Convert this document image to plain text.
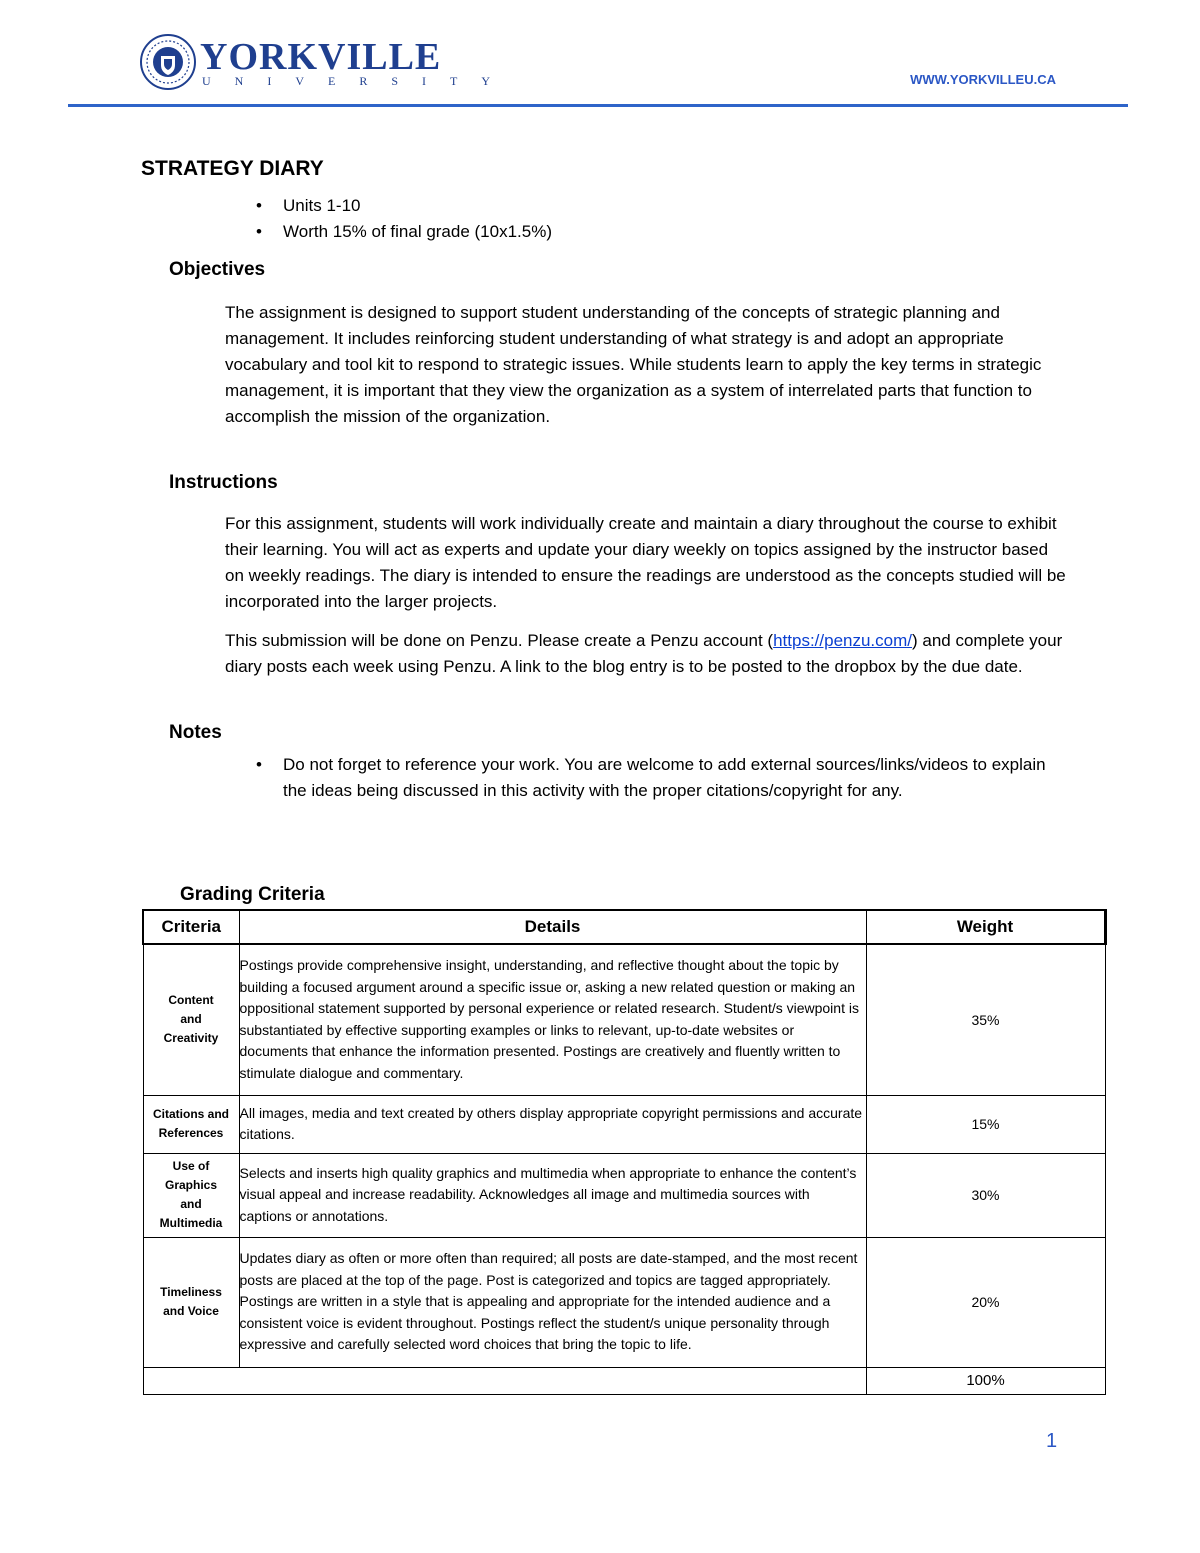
YORKVILLE
UNIVERSITY	WWW.YORKVILLEU.CA
STRATEGY DIARY
• Units 1-10
• Worth 15% of final grade (10x1.5%)
Objectives
The assignment is designed to support student understanding of the concepts of strategic planning and management. It includes reinforcing student understanding of what strategy is and adopt an appropriate vocabulary and tool kit to respond to strategic issues. While students learn to apply the key terms in strategic management, it is important that they view the organization as a system of interrelated parts that function to accomplish the mission of the organization.
Instructions
For this assignment, students will work individually create and maintain a diary throughout the course to exhibit their learning. You will act as experts and update your diary weekly on topics assigned by the instructor based on weekly readings. The diary is intended to ensure the readings are understood as the concepts studied will be incorporated into the larger projects.
This submission will be done on Penzu. Please create a Penzu account (https://penzu.com/) and complete your diary posts each week using Penzu. A link to the blog entry is to be posted to the dropbox by the due date.
Notes
• Do not forget to reference your work. You are welcome to add external sources/links/videos to explain the ideas being discussed in this activity with the proper citations/copyright for any.
Grading Criteria
Criteria	Details	Weight
Content and Creativity	Postings provide comprehensive insight, understanding, and reflective thought about the topic by building a focused argument around a specific issue or, asking a new related question or making an oppositional statement supported by personal experience or related research. Student/s viewpoint is substantiated by effective supporting examples or links to relevant, up-to-date websites or documents that enhance the information presented. Postings are creatively and fluently written to stimulate dialogue and commentary.	35%
Citations and References	All images, media and text created by others display appropriate copyright permissions and accurate citations.	15%
Use of Graphics and Multimedia	Selects and inserts high quality graphics and multimedia when appropriate to enhance the content’s visual appeal and increase readability. Acknowledges all image and multimedia sources with captions or annotations.	30%
Timeliness and Voice	Updates diary as often or more often than required; all posts are date-stamped, and the most recent posts are placed at the top of the page. Post is categorized and topics are tagged appropriately. Postings are written in a style that is appealing and appropriate for the intended audience and a consistent voice is evident throughout. Postings reflect the student/s unique personality through expressive and carefully selected word choices that bring the topic to life.	20%
		100%
1
